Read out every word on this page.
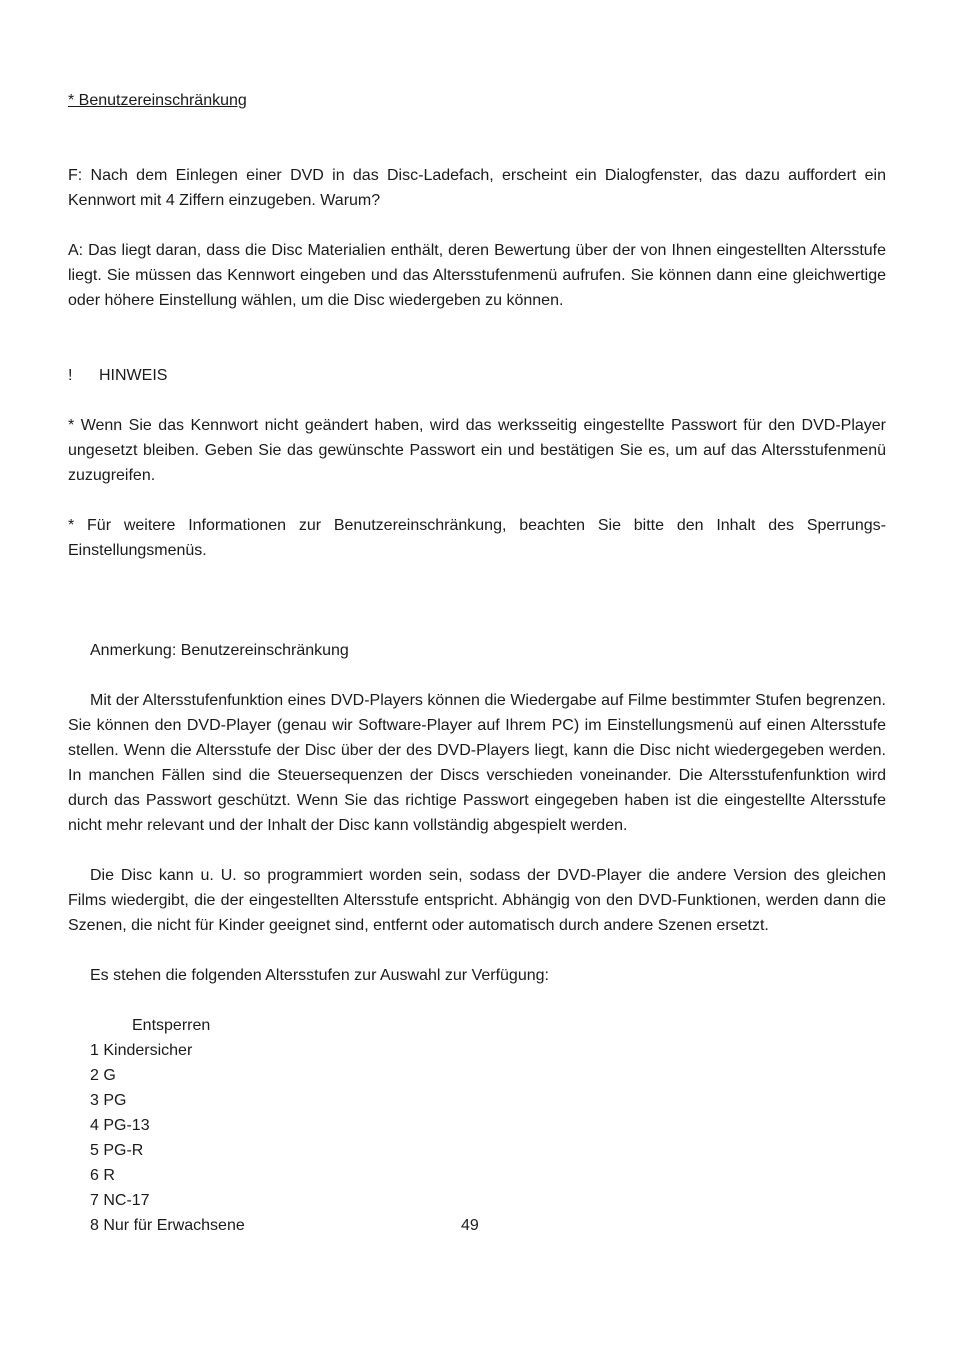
* Benutzereinschränkung
F: Nach dem Einlegen einer DVD in das Disc-Ladefach, erscheint ein Dialogfenster, das dazu auffordert ein Kennwort mit 4 Ziffern einzugeben. Warum?
A: Das liegt daran, dass die Disc Materialien enthält, deren Bewertung über der von Ihnen eingestellten Altersstufe liegt. Sie müssen das Kennwort eingeben und das Altersstufenmenü aufrufen. Sie können dann eine gleichwertige oder höhere Einstellung wählen, um die Disc wiedergeben zu können.
! HINWEIS
* Wenn Sie das Kennwort nicht geändert haben, wird das werksseitig eingestellte Passwort für den DVD-Player ungesetzt bleiben. Geben Sie das gewünschte Passwort ein und bestätigen Sie es, um auf das Altersstufenmenü zuzugreifen.
* Für weitere Informationen zur Benutzereinschränkung, beachten Sie bitte den Inhalt des Sperrungs-Einstellungsmenüs.
Anmerkung: Benutzereinschränkung
Mit der Altersstufenfunktion eines DVD-Players können die Wiedergabe auf Filme bestimmter Stufen begrenzen. Sie können den DVD-Player (genau wir Software-Player auf Ihrem PC) im Einstellungsmenü auf einen Altersstufe stellen. Wenn die Altersstufe der Disc über der des DVD-Players liegt, kann die Disc nicht wiedergegeben werden. In manchen Fällen sind die Steuersequenzen der Discs verschieden voneinander. Die Altersstufenfunktion wird durch das Passwort geschützt. Wenn Sie das richtige Passwort eingegeben haben ist die eingestellte Altersstufe nicht mehr relevant und der Inhalt der Disc kann vollständig abgespielt werden.
Die Disc kann u. U. so programmiert worden sein, sodass der DVD-Player die andere Version des gleichen Films wiedergibt, die der eingestellten Altersstufe entspricht. Abhängig von den DVD-Funktionen, werden dann die Szenen, die nicht für Kinder geeignet sind, entfernt oder automatisch durch andere Szenen ersetzt.
Es stehen die folgenden Altersstufen zur Auswahl zur Verfügung:
Entsperren
1 Kindersicher
2 G
3 PG
4 PG-13
5 PG-R
6 R
7 NC-17
8 Nur für Erwachsene	49
